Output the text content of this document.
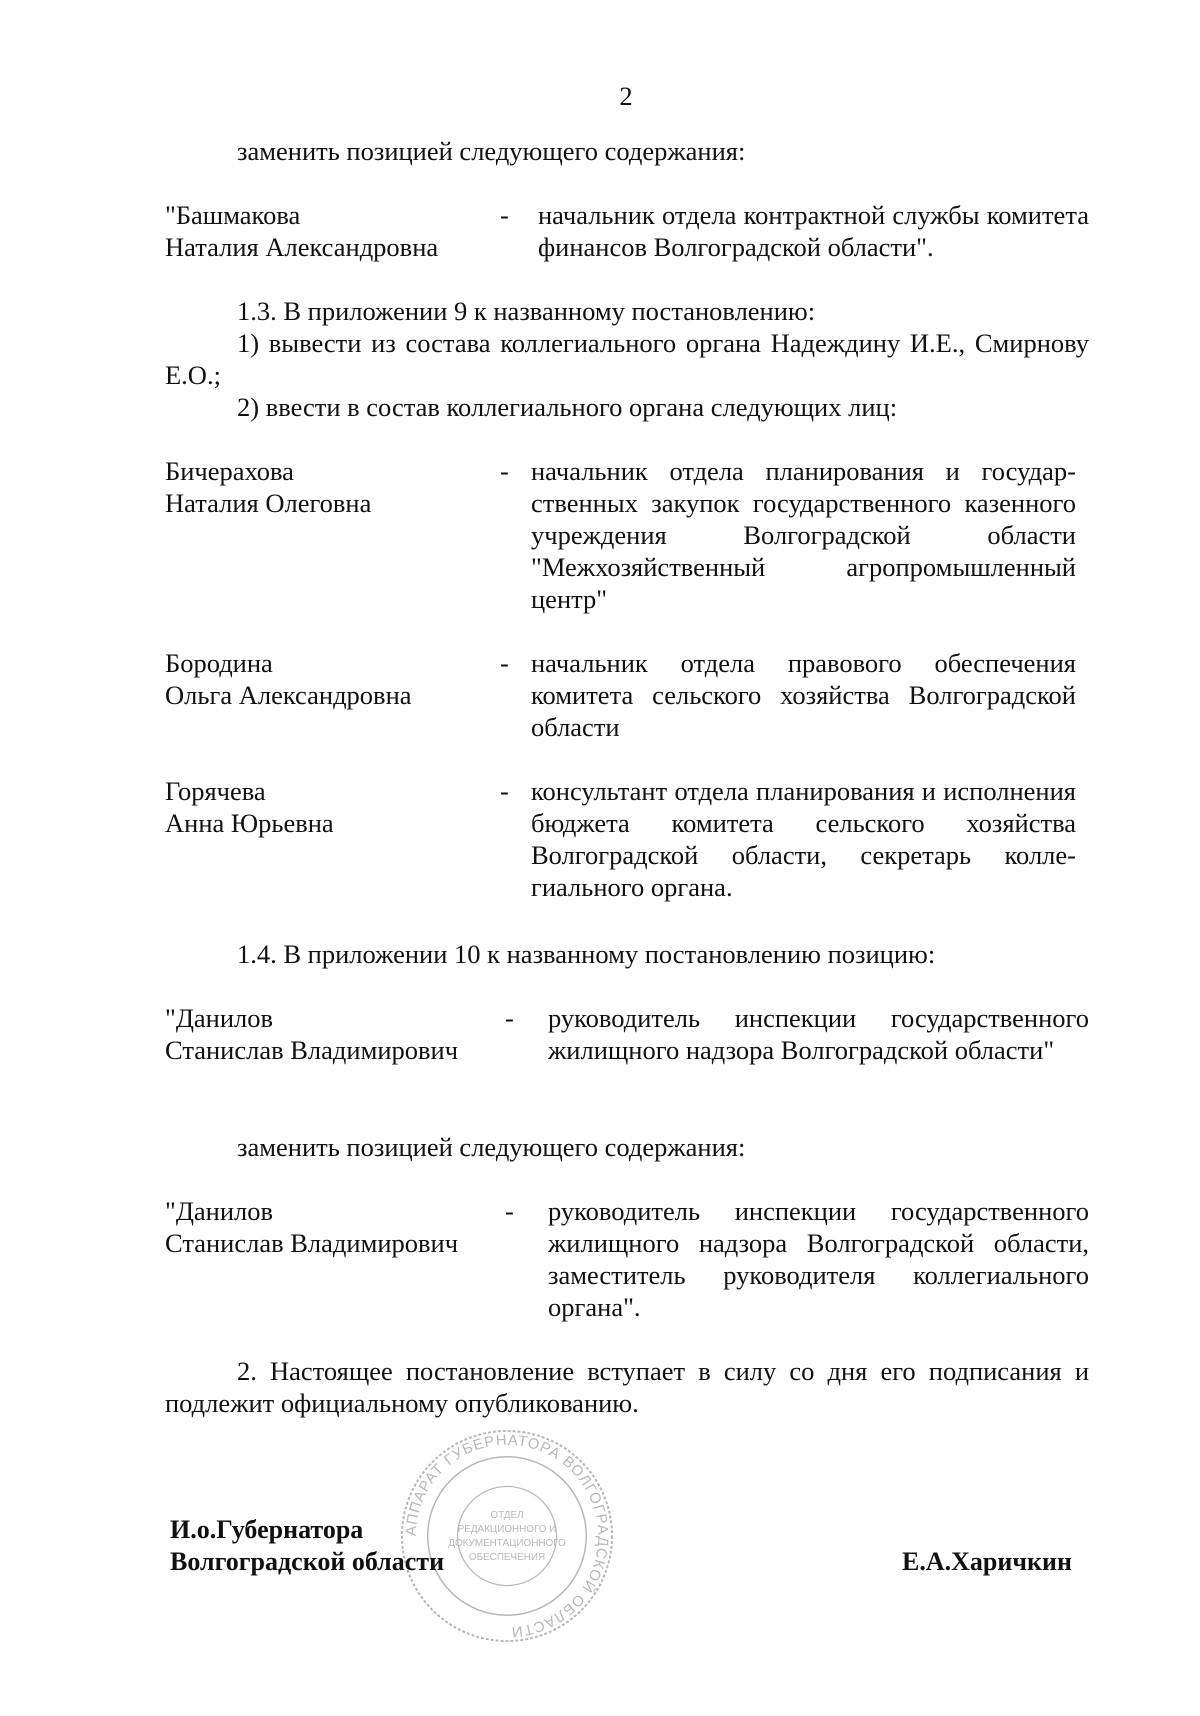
2
заменить позицией следующего содержания:
"Башмакова
Наталия Александровна
- начальник отдела контрактной службы комитета финансов Волгоградской области".
1.3. В приложении 9 к названному постановлению:
1) вывести из состава коллегиального органа Надеждину И.Е., Смирнову Е.О.;
2) ввести в состав коллегиального органа следующих лиц:
Бичерахова
Наталия Олеговна
- начальник отдела планирования и государственных закупок государственного казенного учреждения Волгоградской области "Межхозяйственный агропромышленный центр"
Бородина
Ольга Александровна
- начальник отдела правового обеспечения комитета сельского хозяйства Волгоградской области
Горячева
Анна Юрьевна
- консультант отдела планирования и исполнения бюджета комитета сельского хозяйства Волгоградской области, секретарь коллегиального органа.
1.4. В приложении 10 к названному постановлению позицию:
"Данилов
Станислав Владимирович
- руководитель инспекции государственного жилищного надзора Волгоградской области"
заменить позицией следующего содержания:
"Данилов
Станислав Владимирович
- руководитель инспекции государственного жилищного надзора Волгоградской области, заместитель руководителя коллегиального органа".
2. Настоящее постановление вступает в силу со дня его подписания и подлежит официальному опубликованию.
АППАРАТ ГУБЕРНАТОРА ВОЛГОГРАДСКОЙ ОБЛАСТИ
ОТДЕЛ
РЕДАКЦИОННОГО И
ДОКУМЕНТАЦИОННОГО
ОБЕСПЕЧЕНИЯ
И.о.Губернатора
Волгоградской области	Е.А.Харичкин
